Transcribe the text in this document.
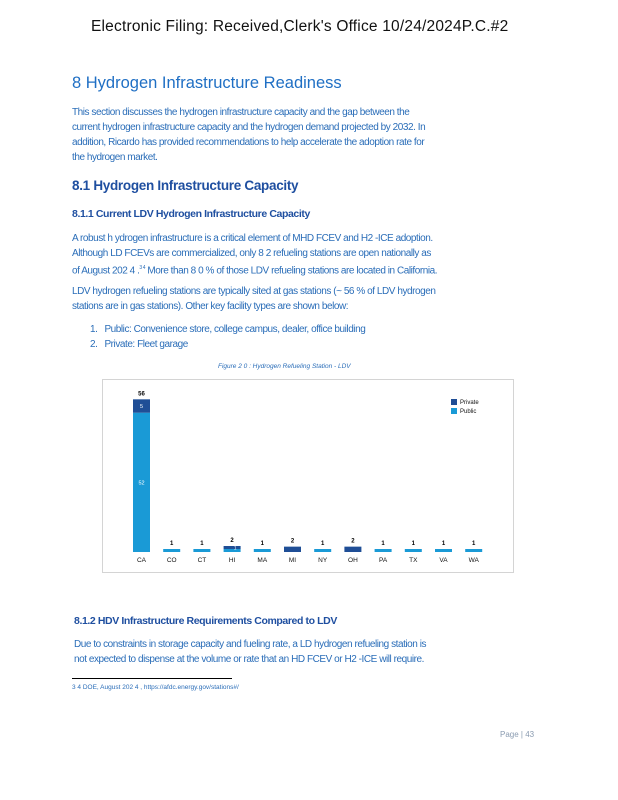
Electronic Filing: Received,Clerk's Office 10/24/2024P.C.#2
8 Hydrogen Infrastructure Readiness
This section discusses the hydrogen infrastructure capacity and the gap between the
current hydrogen infrastructure capacity and the hydrogen demand projected by 2032. In
addition, Ricardo has provided recommendations to help accelerate the adoption rate for
the hydrogen market.
8.1 Hydrogen Infrastructure Capacity
8.1.1 Current LDV Hydrogen Infrastructure Capacity
A robust h ydrogen infrastructure is a critical element of MHD FCEV and H2 -ICE adoption.
Although LD FCEVs are commercialized, only 8 2 refueling stations are open nationally as
of August 202 4 .$^{3 4}$ More than 8 0 % of those LDV refueling stations are located in California.
LDV hydrogen refueling stations are typically sited at gas stations (~ 56 % of LDV hydrogen
stations are in gas stations). Other key facility types are shown below:
1. Public: Convenience store, college campus, dealer, office building
2. Private: Fleet garage
Figure 2 0 : Hydrogen Refueling Station - LDV
52
5
56
CA
1
CO
1
CT
1
2
HI
1
MA
2
MI
1
NY
2
OH
1
PA
1
TX
1
VA
1
WA
Private
Public
8.1.2 HDV Infrastructure Requirements Compared to LDV
Due to constraints in storage capacity and fueling rate, a LD hydrogen refueling station is
not expected to dispense at the volume or rate that an HD FCEV or H2 -ICE will require.
3 4 DOE, August 202 4 , https://afdc.energy.gov/stations#/
Page | 43
